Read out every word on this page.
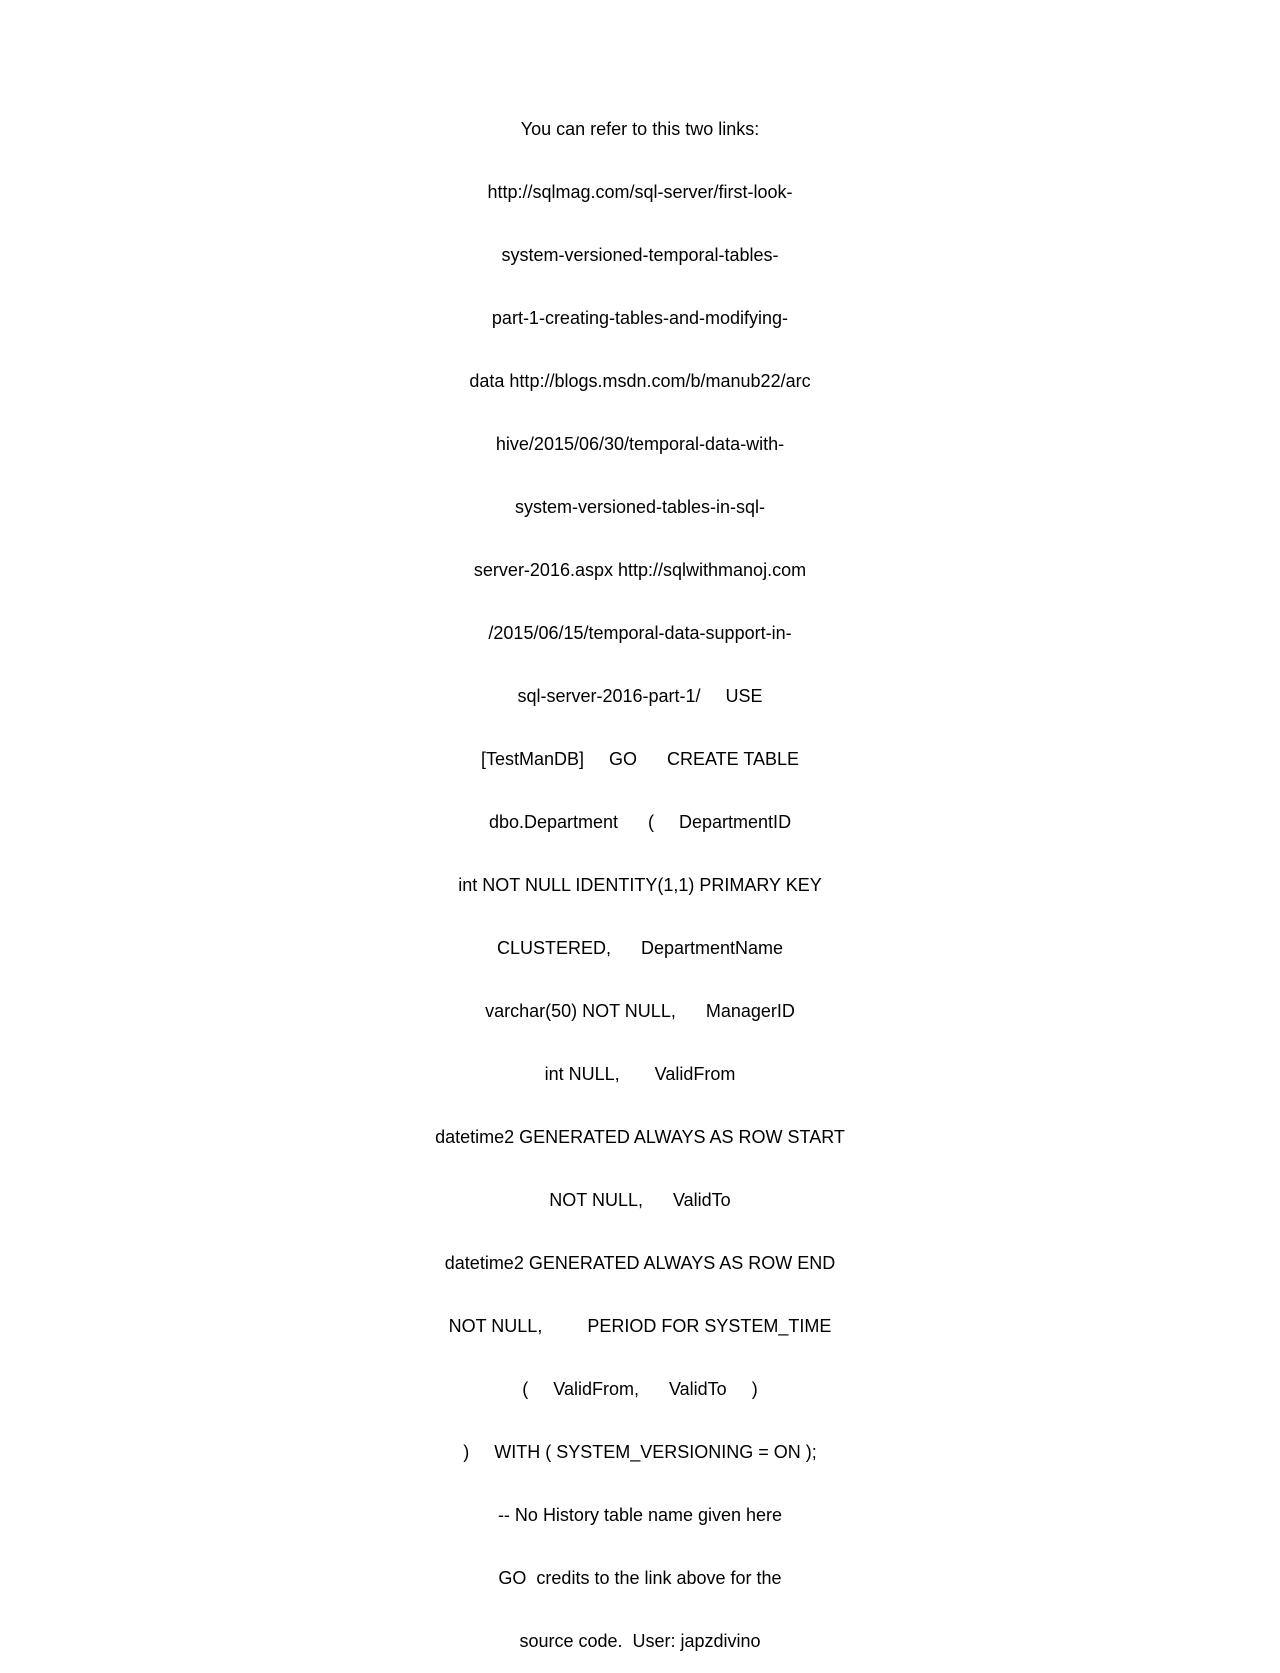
You can refer to this two links:

http://sqlmag.com/sql-server/first-look-

system-versioned-temporal-tables-

part-1-creating-tables-and-modifying-

data http://blogs.msdn.com/b/manub22/arc

hive/2015/06/30/temporal-data-with-

system-versioned-tables-in-sql-

server-2016.aspx http://sqlwithmanoj.com

/2015/06/15/temporal-data-support-in-

sql-server-2016-part-1/     USE

[TestManDB]     GO      CREATE TABLE

dbo.Department      (     DepartmentID

int NOT NULL IDENTITY(1,1) PRIMARY KEY

CLUSTERED,      DepartmentName

varchar(50) NOT NULL,      ManagerID

int NULL,       ValidFrom

datetime2 GENERATED ALWAYS AS ROW START

NOT NULL,      ValidTo

datetime2 GENERATED ALWAYS AS ROW END

NOT NULL,         PERIOD FOR SYSTEM_TIME

(     ValidFrom,      ValidTo     )

)     WITH ( SYSTEM_VERSIONING = ON );

-- No History table name given here

GO  credits to the link above for the

source code.  User: japzdivino
